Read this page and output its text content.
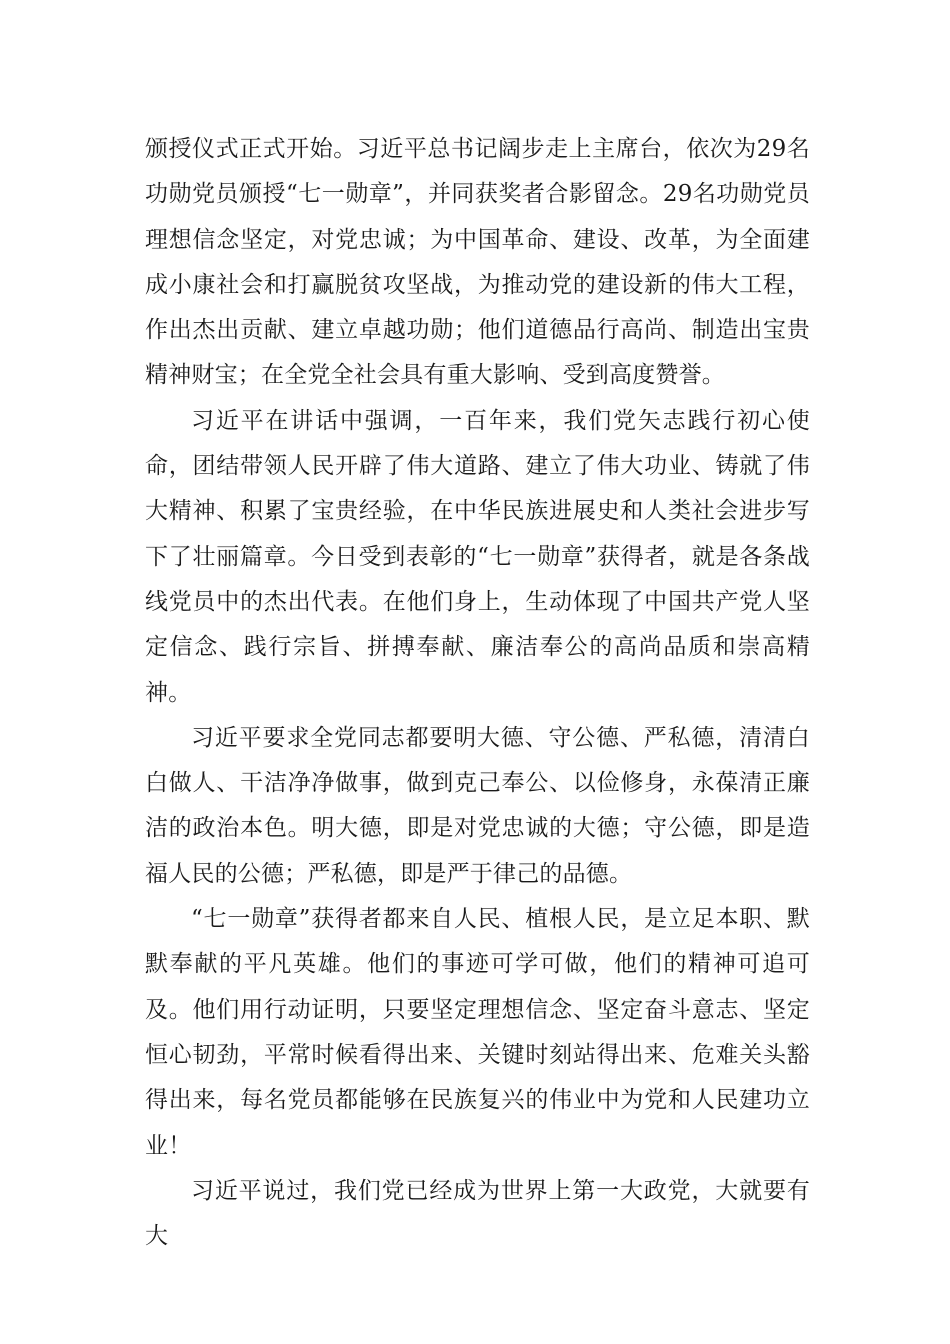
颁授仪式正式开始。习近平总书记阔步走上主席台，依次为29名功勋党员颁授“七一勋章”，并同获奖者合影留念。29名功勋党员理想信念坚定，对党忠诚；为中国革命、建设、改革，为全面建成小康社会和打赢脱贫攻坚战，为推动党的建设新的伟大工程，作出杰出贡献、建立卓越功勋；他们道德品行高尚、制造出宝贵精神财宝；在全党全社会具有重大影响、受到高度赞誉。

习近平在讲话中强调，一百年来，我们党矢志践行初心使命，团结带领人民开辟了伟大道路、建立了伟大功业、铸就了伟大精神、积累了宝贵经验，在中华民族进展史和人类社会进步写下了壮丽篇章。今日受到表彰的“七一勋章”获得者，就是各条战线党员中的杰出代表。在他们身上，生动体现了中国共产党人坚定信念、践行宗旨、拼搏奉献、廉洁奉公的高尚品质和崇高精神。

习近平要求全党同志都要明大德、守公德、严私德，清清白白做人、干洁净净做事，做到克己奉公、以俭修身，永葆清正廉洁的政治本色。明大德，即是对党忠诚的大德；守公德，即是造福人民的公德；严私德，即是严于律己的品德。

“七一勋章”获得者都来自人民、植根人民，是立足本职、默默奉献的平凡英雄。他们的事迹可学可做，他们的精神可追可及。他们用行动证明，只要坚定理想信念、坚定奋斗意志、坚定恒心韧劲，平常时候看得出来、关键时刻站得出来、危难关头豁得出来，每名党员都能够在民族复兴的伟业中为党和人民建功立业！

习近平说过，我们党已经成为世界上第一大政党，大就要有大
